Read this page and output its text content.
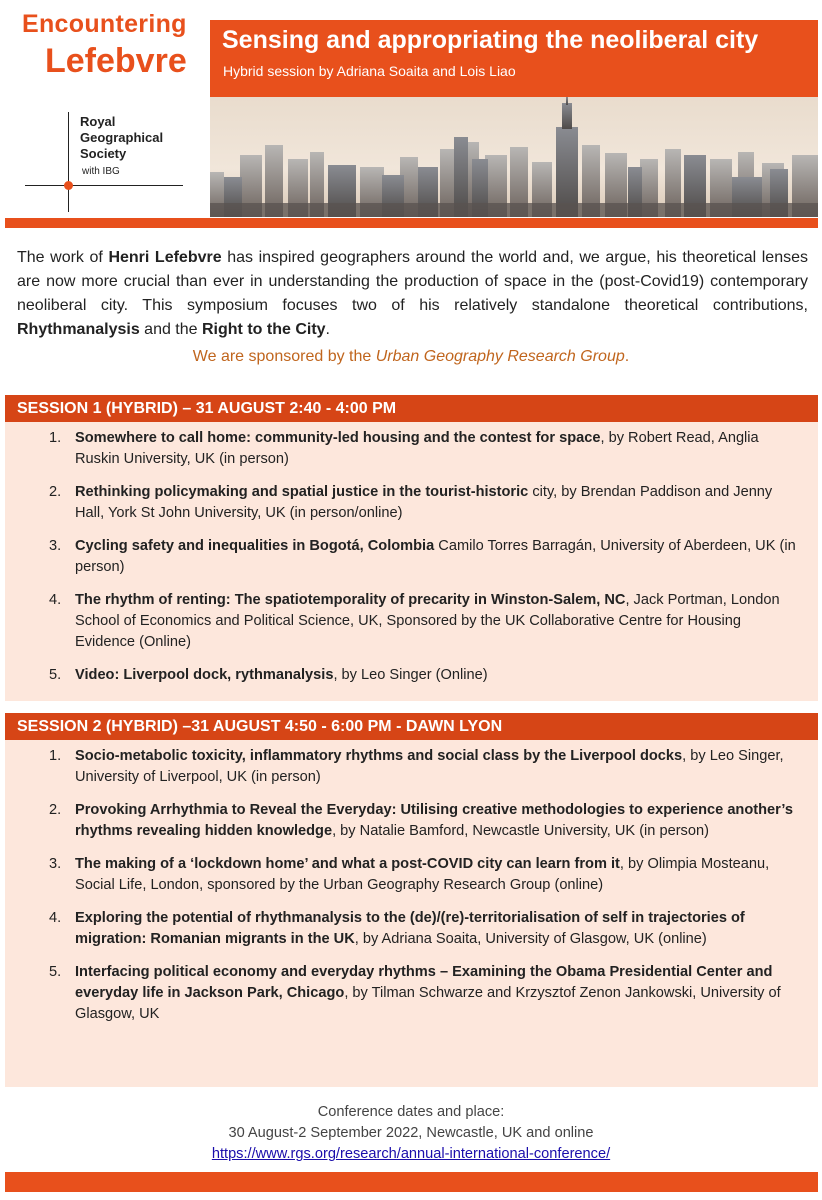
Encountering
Lefebvre
Royal
Geographical
Society
with IBG
Sensing and appropriating the neoliberal city
Hybrid session by Adriana Soaita and Lois Liao
The work of Henri Lefebvre has inspired geographers around the world and, we argue, his theoretical lenses are now more crucial than ever in understanding the production of space in the (post-Covid19) contemporary neoliberal city. This symposium focuses two of his relatively standalone theoretical contributions, Rhythmanalysis and the Right to the City.
We are sponsored by the Urban Geography Research Group.
SESSION 1 (HYBRID) – 31 AUGUST 2:40 - 4:00 PM
1. Somewhere to call home: community-led housing and the contest for space, by Robert Read, Anglia Ruskin University, UK (in person)
2. Rethinking policymaking and spatial justice in the tourist-historic city, by Brendan Paddison and Jenny Hall, York St John University, UK (in person/online)
3. Cycling safety and inequalities in Bogotá, Colombia Camilo Torres Barragán, University of Aberdeen, UK (in person)
4. The rhythm of renting: The spatiotemporality of precarity in Winston-Salem, NC, Jack Portman, London School of Economics and Political Science, UK, Sponsored by the UK Collaborative Centre for Housing Evidence (Online)
5. Video: Liverpool dock, rythmanalysis, by Leo Singer (Online)
SESSION 2 (HYBRID) –31 AUGUST 4:50 - 6:00 PM - DAWN LYON
1. Socio-metabolic toxicity, inflammatory rhythms and social class by the Liverpool docks, by Leo Singer, University of Liverpool, UK (in person)
2. Provoking Arrhythmia to Reveal the Everyday: Utilising creative methodologies to experience another’s rhythms revealing hidden knowledge, by Natalie Bamford, Newcastle University, UK (in person)
3. The making of a ‘lockdown home’ and what a post-COVID city can learn from it, by Olimpia Mosteanu, Social Life, London, sponsored by the Urban Geography Research Group (online)
4. Exploring the potential of rhythmanalysis to the (de)/(re)-territorialisation of self in trajectories of migration: Romanian migrants in the UK, by Adriana Soaita, University of Glasgow, UK (online)
5. Interfacing political economy and everyday rhythms – Examining the Obama Presidential Center and everyday life in Jackson Park, Chicago, by Tilman Schwarze and Krzysztof Zenon Jankowski, University of Glasgow, UK
Conference dates and place:
30 August-2 September 2022, Newcastle, UK and online
https://www.rgs.org/research/annual-international-conference/
